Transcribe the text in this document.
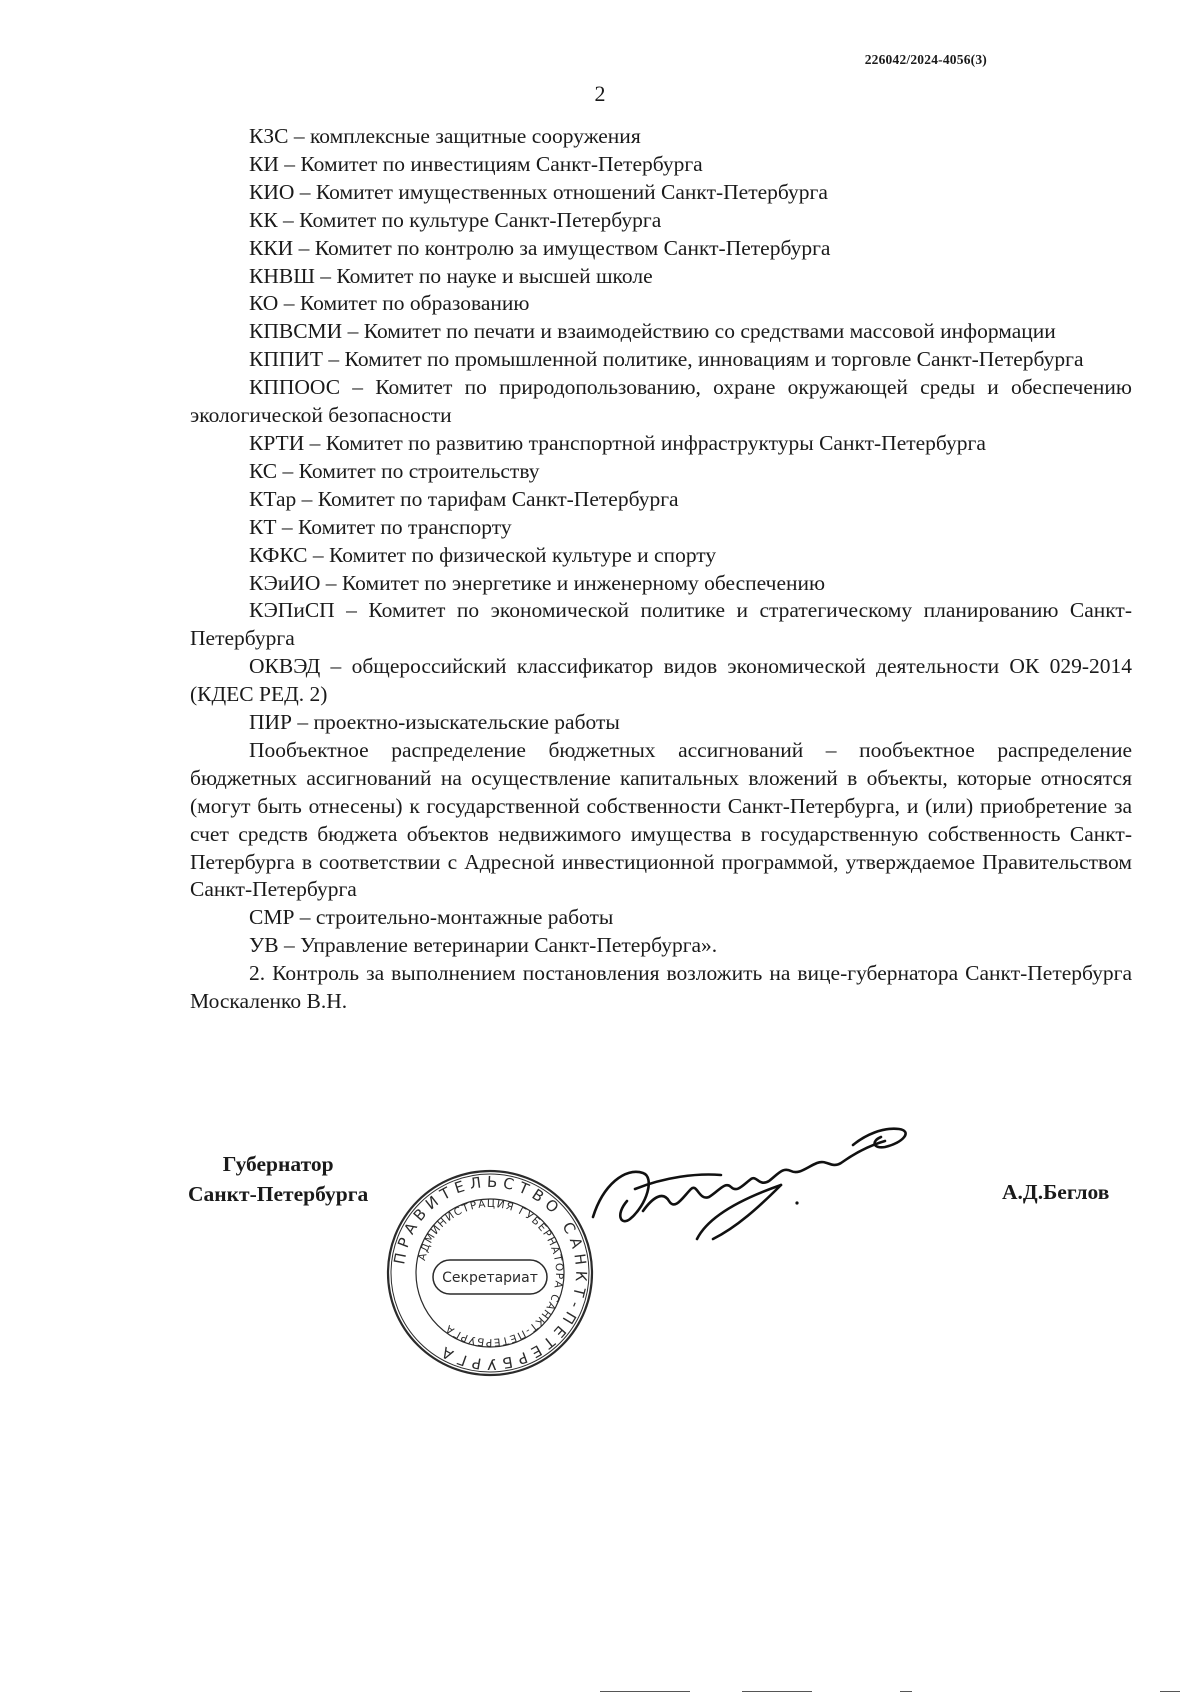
226042/2024-4056(3)
2

КЗС – комплексные защитные сооружения

КИ – Комитет по инвестициям Санкт-Петербурга

КИО – Комитет имущественных отношений Санкт-Петербурга

КК – Комитет по культуре Санкт-Петербурга

ККИ – Комитет по контролю за имуществом Санкт-Петербурга

КНВШ – Комитет по науке и высшей школе

КО – Комитет по образованию

КПВСМИ – Комитет по печати и взаимодействию со средствами массовой информации

КППИТ – Комитет по промышленной политике, инновациям и торговле Санкт-Петербурга

КППООС – Комитет по природопользованию, охране окружающей среды и обеспечению экологической безопасности

КРТИ – Комитет по развитию транспортной инфраструктуры Санкт-Петербурга

КС – Комитет по строительству

КТар – Комитет по тарифам Санкт-Петербурга

КТ – Комитет по транспорту

КФКС – Комитет по физической культуре и спорту

КЭиИО – Комитет по энергетике и инженерному обеспечению

КЭПиСП – Комитет по экономической политике и стратегическому планированию Санкт-Петербурга

ОКВЭД – общероссийский классификатор видов экономической деятельности ОК 029-2014 (КДЕС РЕД. 2)

ПИР – проектно-изыскательские работы

Пообъектное распределение бюджетных ассигнований – пообъектное распределение бюджетных ассигнований на осуществление капитальных вложений в объекты, которые относятся (могут быть отнесены) к государственной собственности Санкт-Петербурга, и (или) приобретение за счет средств бюджета объектов недвижимого имущества в государственную собственность Санкт-Петербурга в соответствии с Адресной инвестиционной программой, утверждаемое Правительством Санкт-Петербурга

СМР – строительно-монтажные работы

УВ – Управление ветеринарии Санкт-Петербурга».

2. Контроль за выполнением постановления возложить на вице-губернатора Санкт-Петербурга Москаленко В.Н.

Губернатор
Санкт-Петербурга
ПРАВИТЕЛЬСТВО САНКТ-ПЕТЕРБУРГА
АДМИНИСТРАЦИЯ ГУБЕРНАТОРА САНКТ-ПЕТЕРБУРГА
Секретариат
А.Д.Беглов
